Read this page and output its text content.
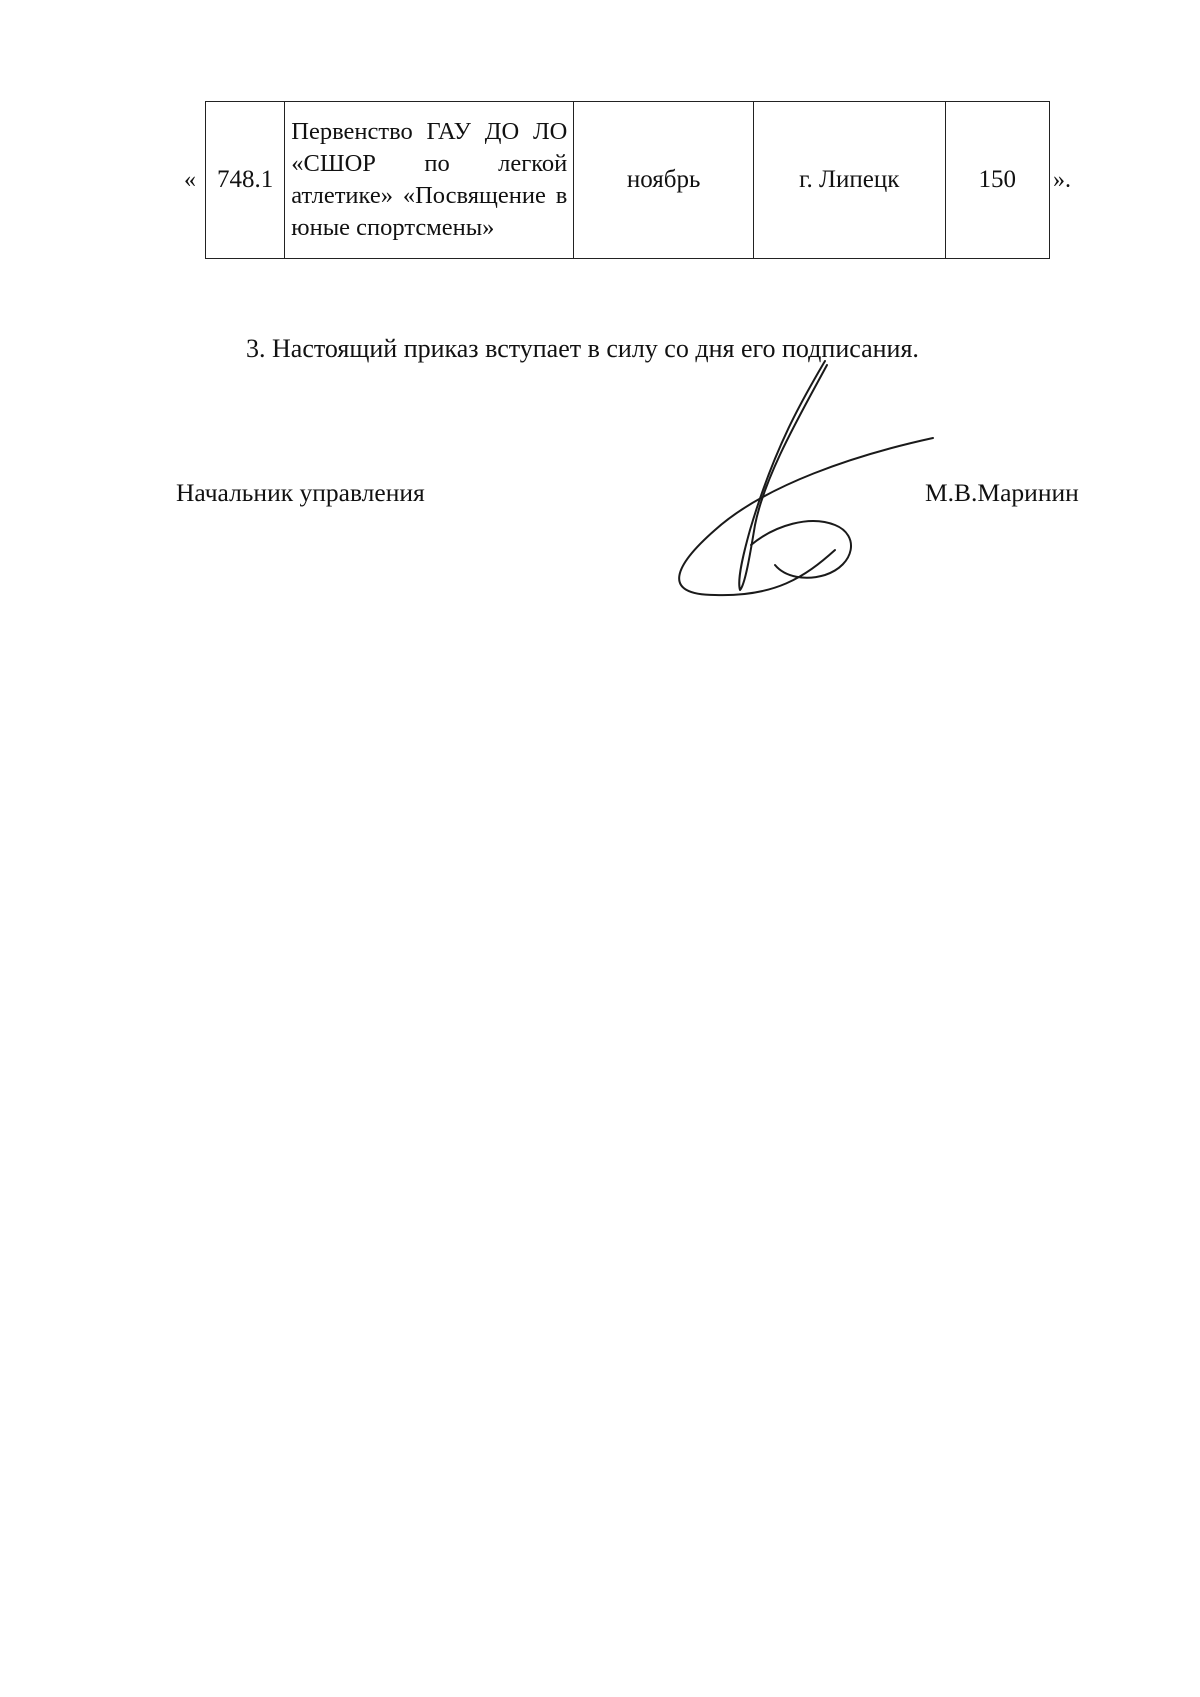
« 748.1	Первенство ГАУ ДО ЛО «СШОР по легкой атлетике» «Посвящение в юные спортсмены»	ноябрь	г. Липецк	150 ».
3. Настоящий приказ вступает в силу со дня его подписания.
Начальник управления	М.В.Маринин
